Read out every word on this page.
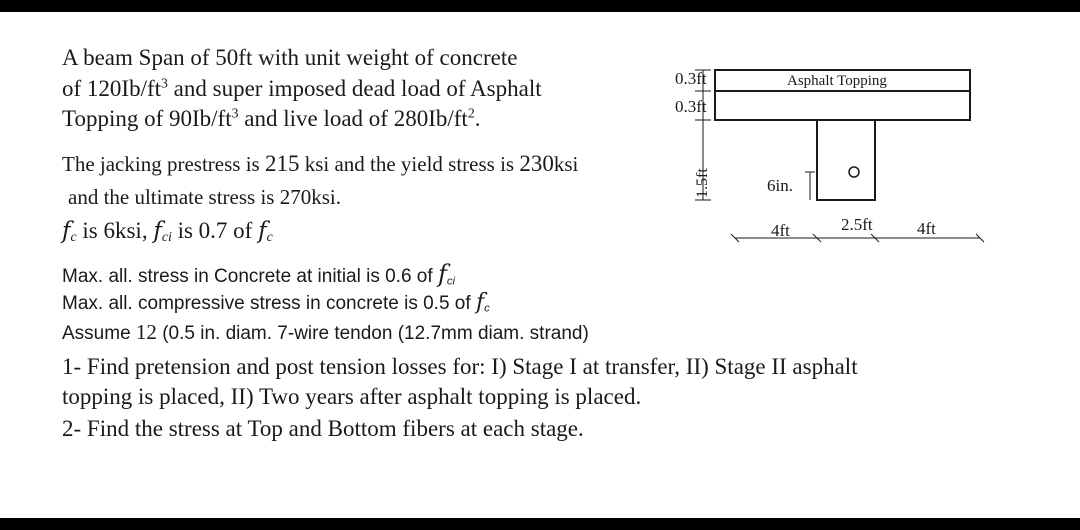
A beam Span of 50ft with unit weight of concrete
of $120Ib/ft^3$ and super imposed dead load of Asphalt
Topping of $90Ib/ft^3$ and live load of $280Ib/ft^2$.
The jacking prestress is 215 ksi and the yield stress is 230ksi
and the ultimate stress is 270ksi.
$f_c$ is 6ksi, $f_{ci}$ is 0.7 of $f_c$
Max. all. stress in Concrete at initial is 0.6 of $f_{ci}$
Max. all. compressive stress in concrete is 0.5 of $f_c$
Assume 12 (0.5 in. diam. 7-wire tendon (12.7mm diam. strand)
1- Find pretension and post tension losses for: I) Stage I at transfer, II) Stage II asphalt
topping is placed, II) Two years after asphalt topping is placed.
2- Find the stress at Top and Bottom fibers at each stage.
0.3ft
0.3ft
1.5ft
Asphalt Topping
6in.
4ft	2.5ft	4ft
